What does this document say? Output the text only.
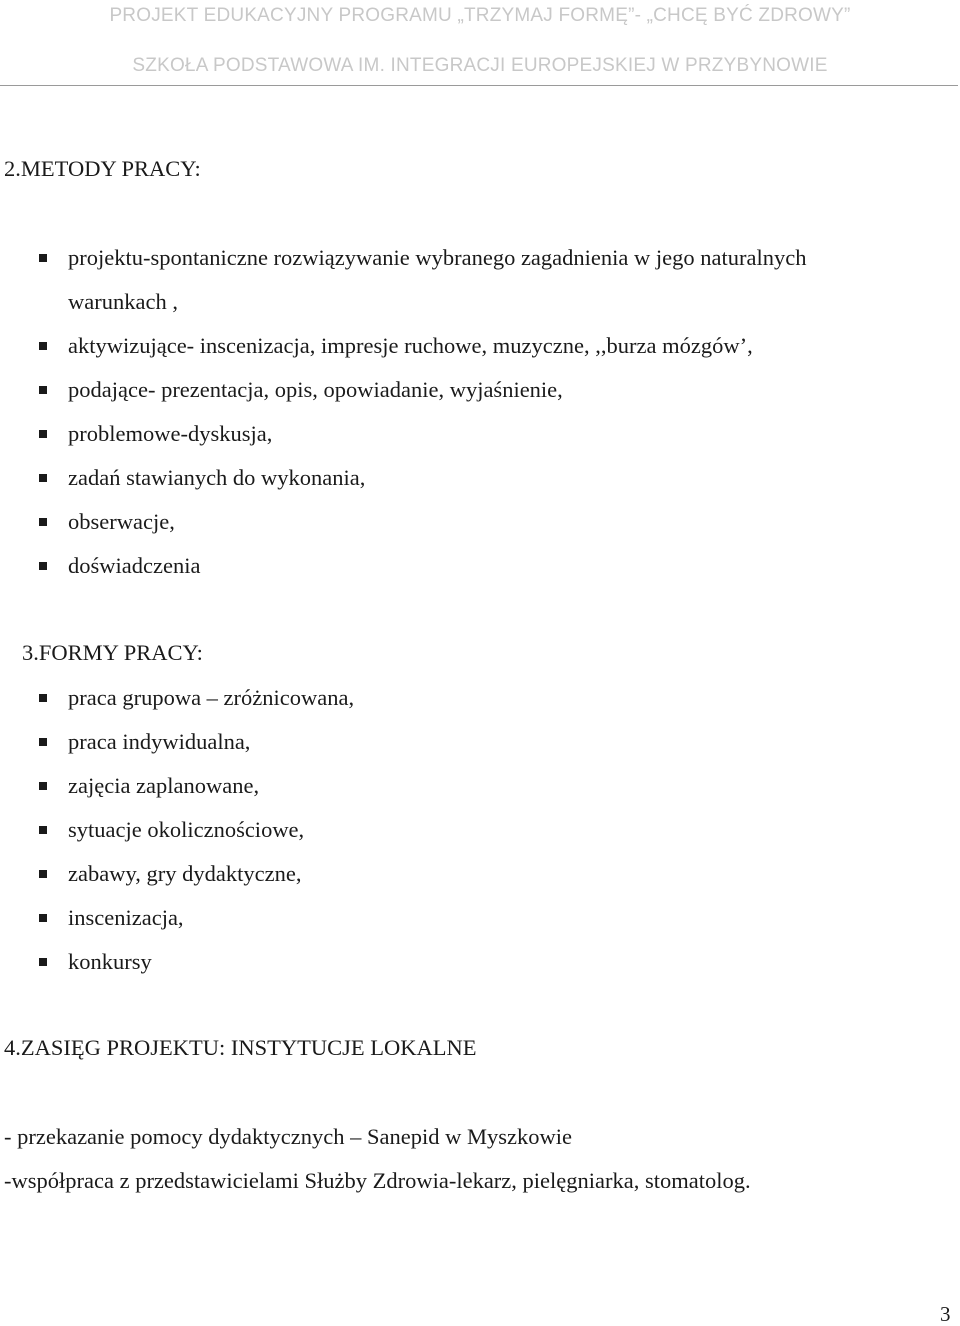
PROJEKT EDUKACYJNY PROGRAMU „TRZYMAJ FORMĘ”- „CHCĘ BYĆ ZDROWY”
SZKOŁA PODSTAWOWA IM. INTEGRACJI EUROPEJSKIEJ W PRZYBYNOWIE
2.METODY PRACY:
projektu-spontaniczne rozwiązywanie wybranego zagadnienia w jego naturalnych
warunkach ,
aktywizujące- inscenizacja, impresje ruchowe, muzyczne, ,,burza mózgów’,
podające- prezentacja, opis, opowiadanie, wyjaśnienie,
problemowe-dyskusja,
zadań stawianych do wykonania,
obserwacje,
doświadczenia
3.FORMY PRACY:
praca grupowa – zróżnicowana,
praca indywidualna,
zajęcia zaplanowane,
sytuacje okolicznościowe,
zabawy, gry dydaktyczne,
inscenizacja,
konkursy
4.ZASIĘG PROJEKTU: INSTYTUCJE LOKALNE
- przekazanie pomocy dydaktycznych – Sanepid w Myszkowie
-współpraca z przedstawicielami Służby Zdrowia-lekarz, pielęgniarka, stomatolog.
3
